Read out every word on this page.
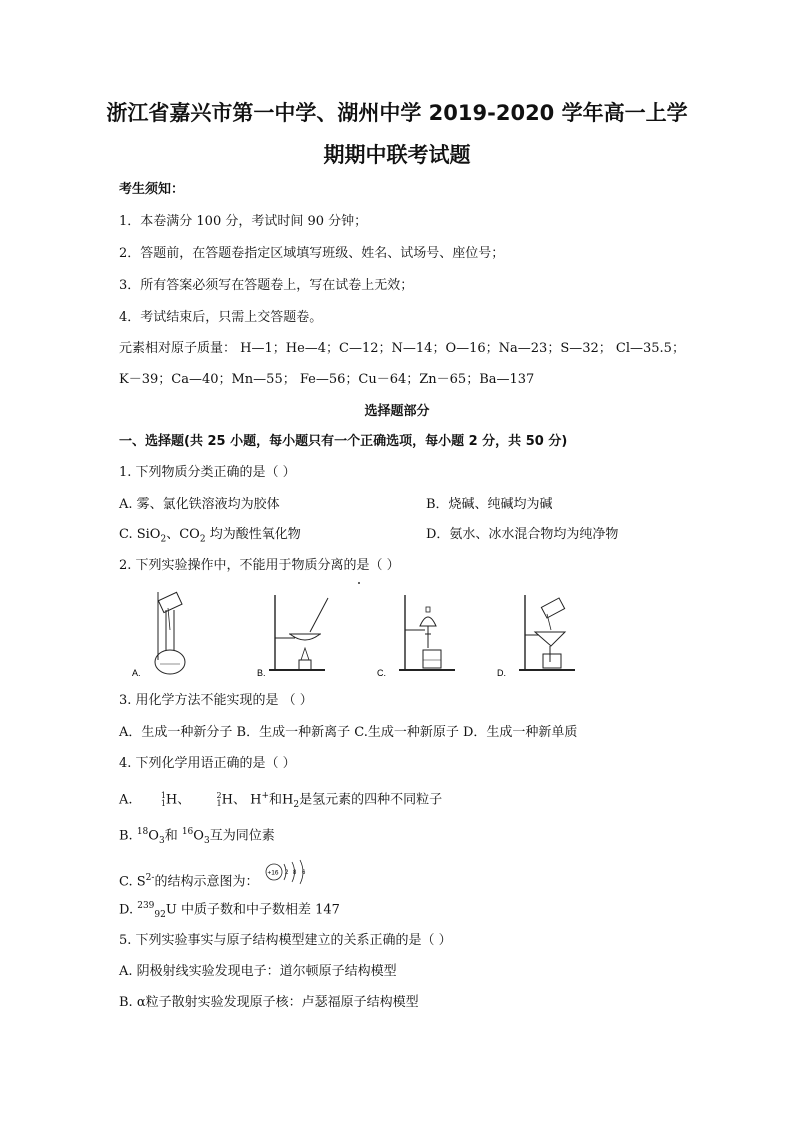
浙江省嘉兴市第一中学、湖州中学 2019-2020 学年高一上学
期期中联考试题
考生须知：
1．本卷满分 100 分，考试时间 90 分钟；
2．答题前，在答题卷指定区域填写班级、姓名、试场号、座位号；
3．所有答案必须写在答题卷上，写在试卷上无效；
4．考试结束后，只需上交答题卷。
元素相对原子质量： H—1；He—4；C—12；N—14；O—16；Na—23；S—32； Cl—35.5；
K－39；Ca—40；Mn—55； Fe—56；Cu－64；Zn－65；Ba—137
选择题部分
一、选择题(共 25 小题，每小题只有一个正确选项，每小题 2 分，共 50 分)
1. 下列物质分类正确的是（ ）
A. 雾、氯化铁溶液均为胶体	B．烧碱、纯碱均为碱
C. SiO$_2$、$CO_2$ 均为酸性氧化物	D．氨水、冰水混合物均为纯净物
2. 下列实验操作中，不能用于物质分离的是（ ）
A.	B.	C.	D.
3. 用化学方法不能实现的是 （ ）
A．生成一种新分子 B．生成一种新离子 C.生成一种新原子 D．生成一种新单质
4. 下列化学用语正确的是（ ）
A.	1
1 H、	2
1 H、 H+和$H_2$是氢元素的四种不同粒子
B. $^{18}O_3$和 $^{16}O_3$互为同位素
C. $S^{2-}$的结构示意图为：
+16 2 8 6
D. $^{239}_{92}$U 中质子数和中子数相差 147
5. 下列实验事实与原子结构模型建立的关系正确的是（ ）
A. 阴极射线实验发现电子：道尔顿原子结构模型
B. α粒子散射实验发现原子核：卢瑟福原子结构模型
